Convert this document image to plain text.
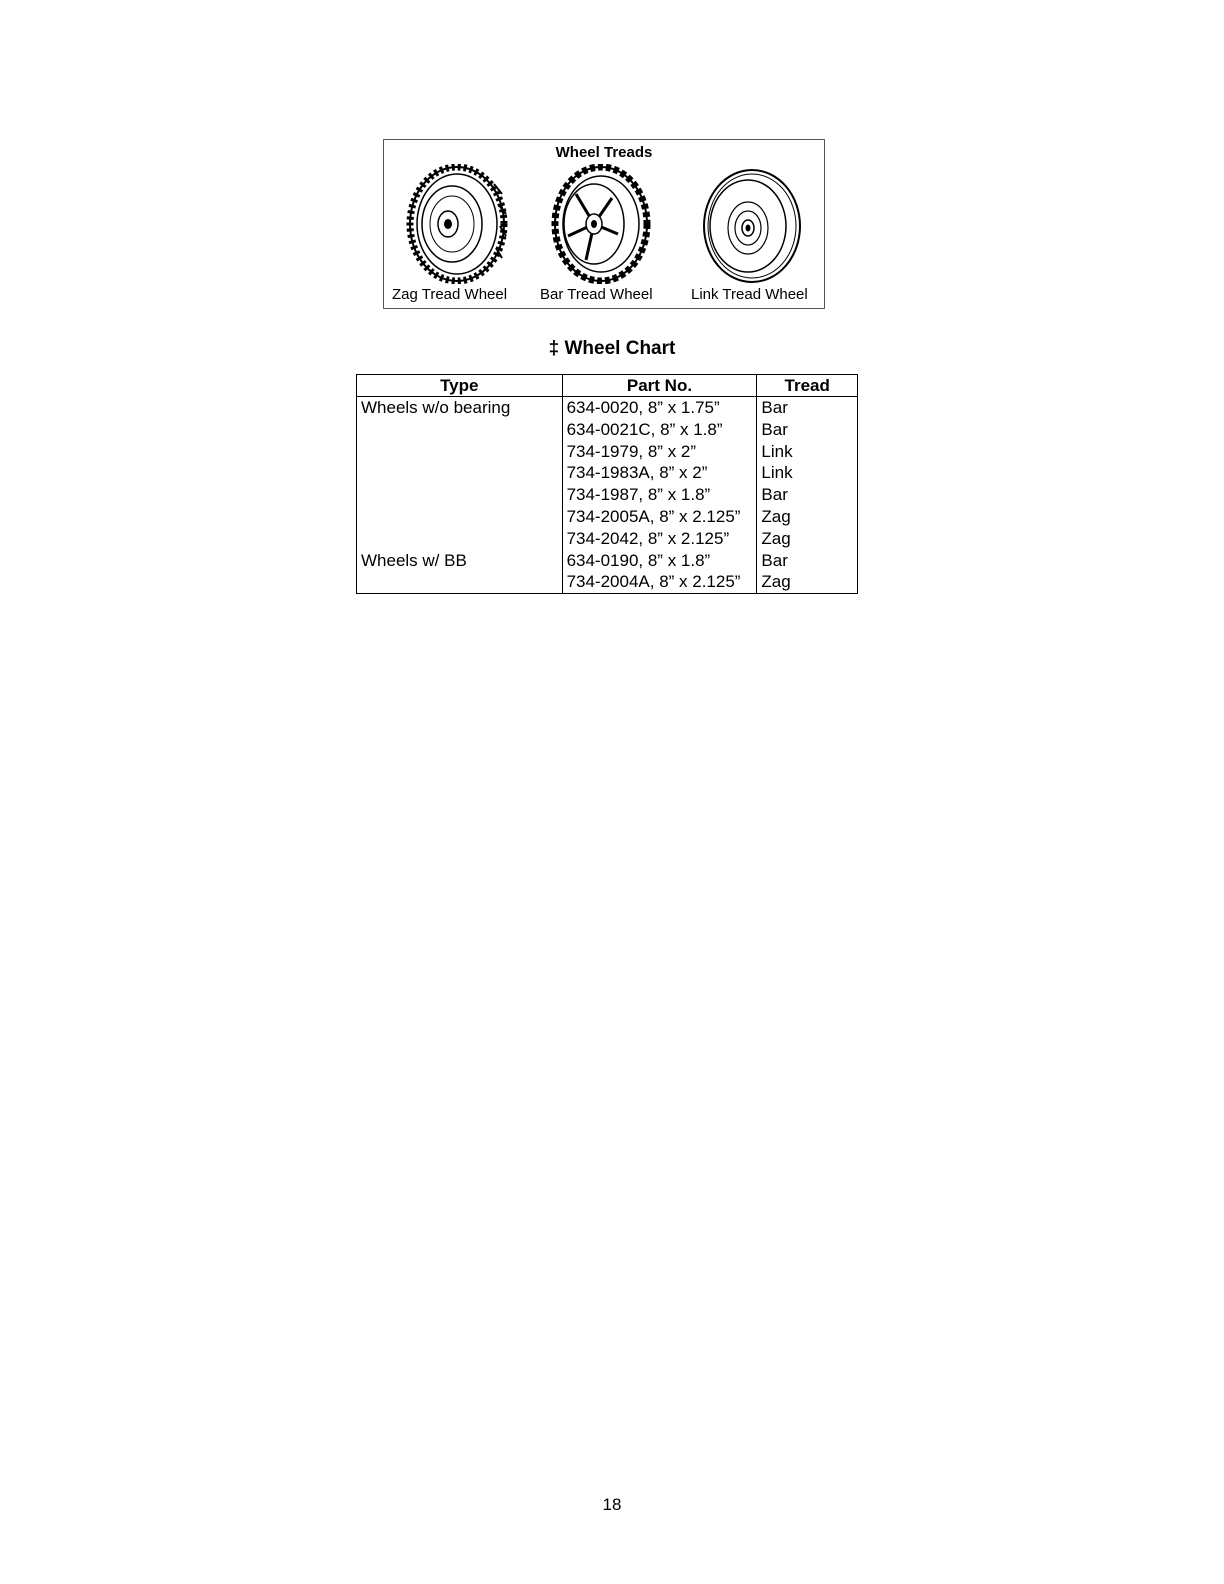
Wheel Treads
Zag Tread Wheel Bar Tread Wheel	Link Tread Wheel
‡ Wheel Chart
Type	Part No.	Tread
Wheels w/o bearing	634-0020, 8” x 1.75”	Bar
	634-0021C, 8” x 1.8”	Bar
	734-1979, 8” x 2”	Link
	734-1983A, 8” x 2”	Link
	734-1987, 8” x 1.8”	Bar
	734-2005A, 8” x 2.125”	Zag
	734-2042, 8” x 2.125”	Zag
Wheels w/ BB	634-0190, 8” x 1.8”	Bar
	734-2004A, 8” x 2.125”	Zag
18
